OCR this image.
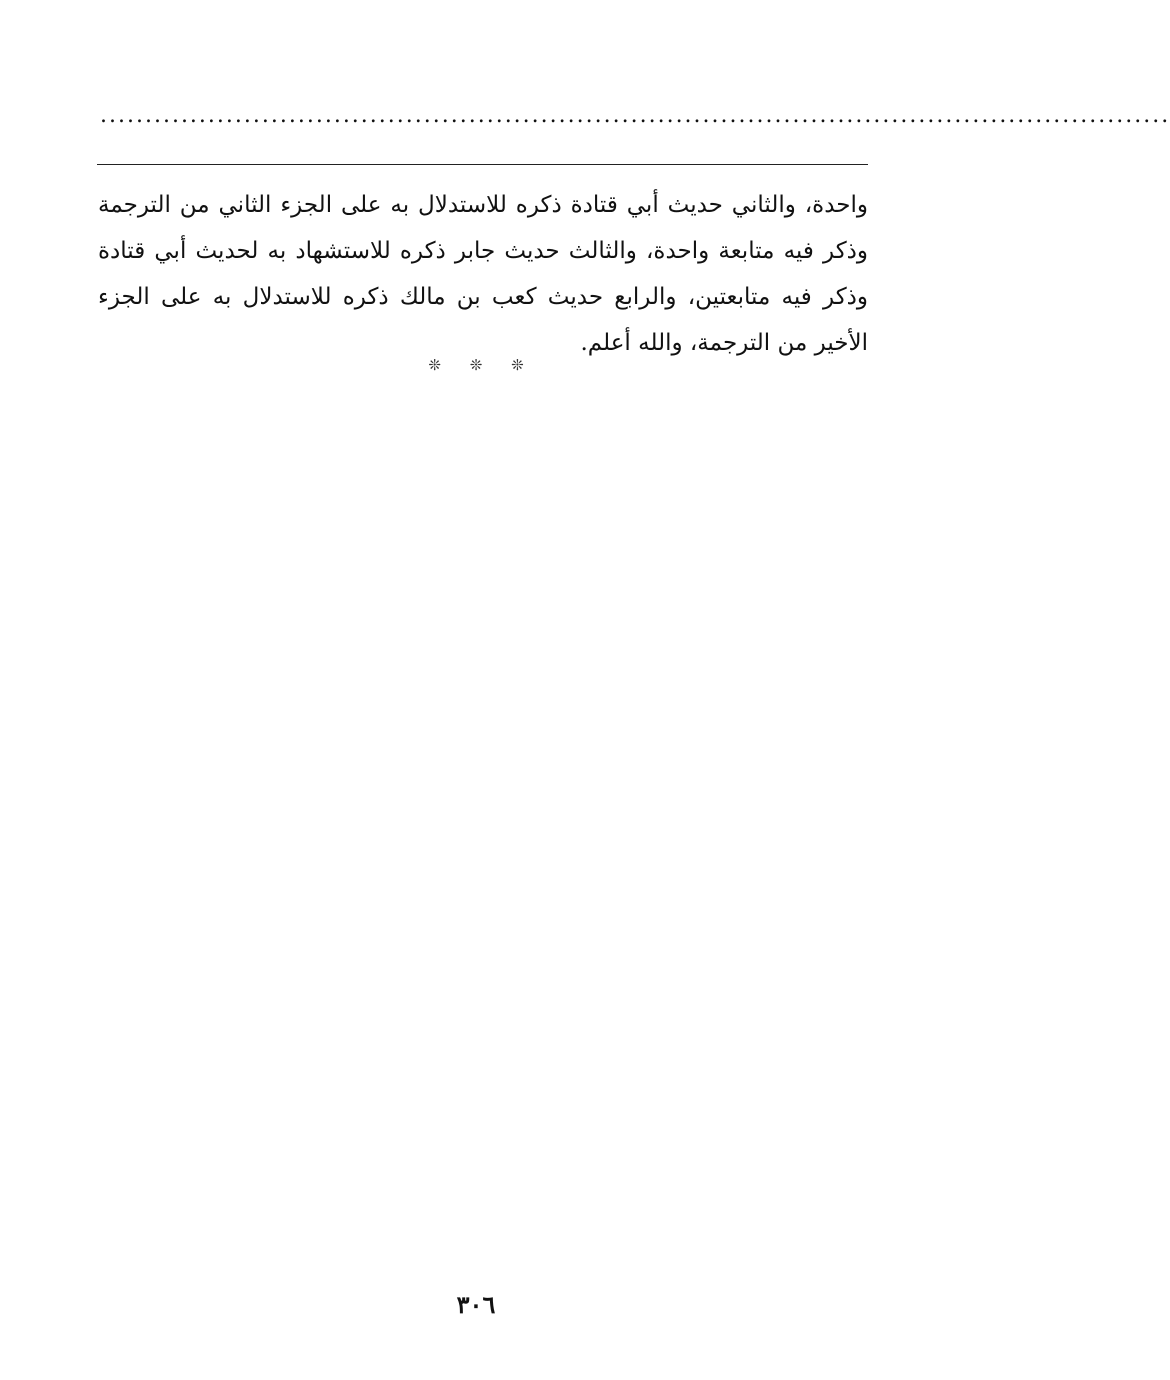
.......................................................................................................................

واحدة، والثاني حديث أبي قتادة ذكره للاستدلال به على الجزء الثاني من الترجمة وذكر فيه متابعة واحدة، والثالث حديث جابر ذكره للاستشهاد به لحديث أبي قتادة وذكر فيه متابعتين، والرابع حديث كعب بن مالك ذكره للاستدلال به على الجزء الأخير من الترجمة، والله أعلم.

❊ ❊ ❊
٣٠٦
